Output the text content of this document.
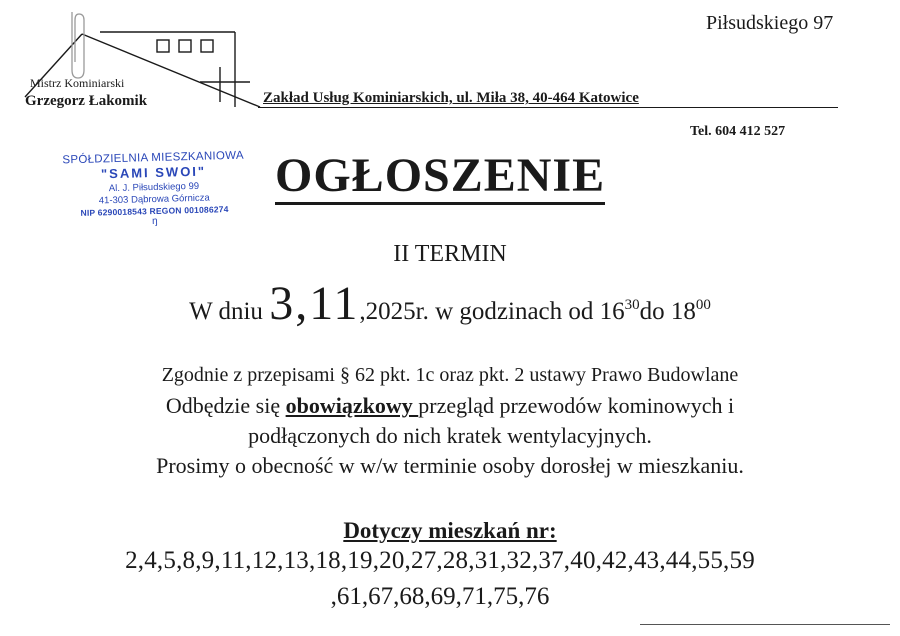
Piłsudskiego 97
Mistrz Kominiarski
Grzegorz Łakomik	Zakład Usług Kominiarskich, ul. Miła 38, 40-464 Katowice
Tel. 604 412 527
SPÓŁDZIELNIA MIESZKANIOWA
"SAMI SWOI"
Al. J. Piłsudskiego 99
41-303 Dąbrowa Górnicza
NIP 6290018543 REGON 001086274
ŋ
OGŁOSZENIE
II TERMIN
W dniu 3,11,2025r. w godzinach od $16^{30}do$ $18^{00}$
Zgodnie z przepisami § 62 pkt. 1c oraz pkt. 2 ustawy Prawo Budowlane
Odbędzie się obowiązkowy przegląd przewodów kominowych i
podłączonych do nich kratek wentylacyjnych.
Prosimy o obecność w w/w terminie osoby dorosłej w mieszkaniu.
Dotyczy mieszkań nr:
2,4,5,8,9,11,12,13,18,19,20,27,28,31,32,37,40,42,43,44,55,59
,61,67,68,69,71,75,76
